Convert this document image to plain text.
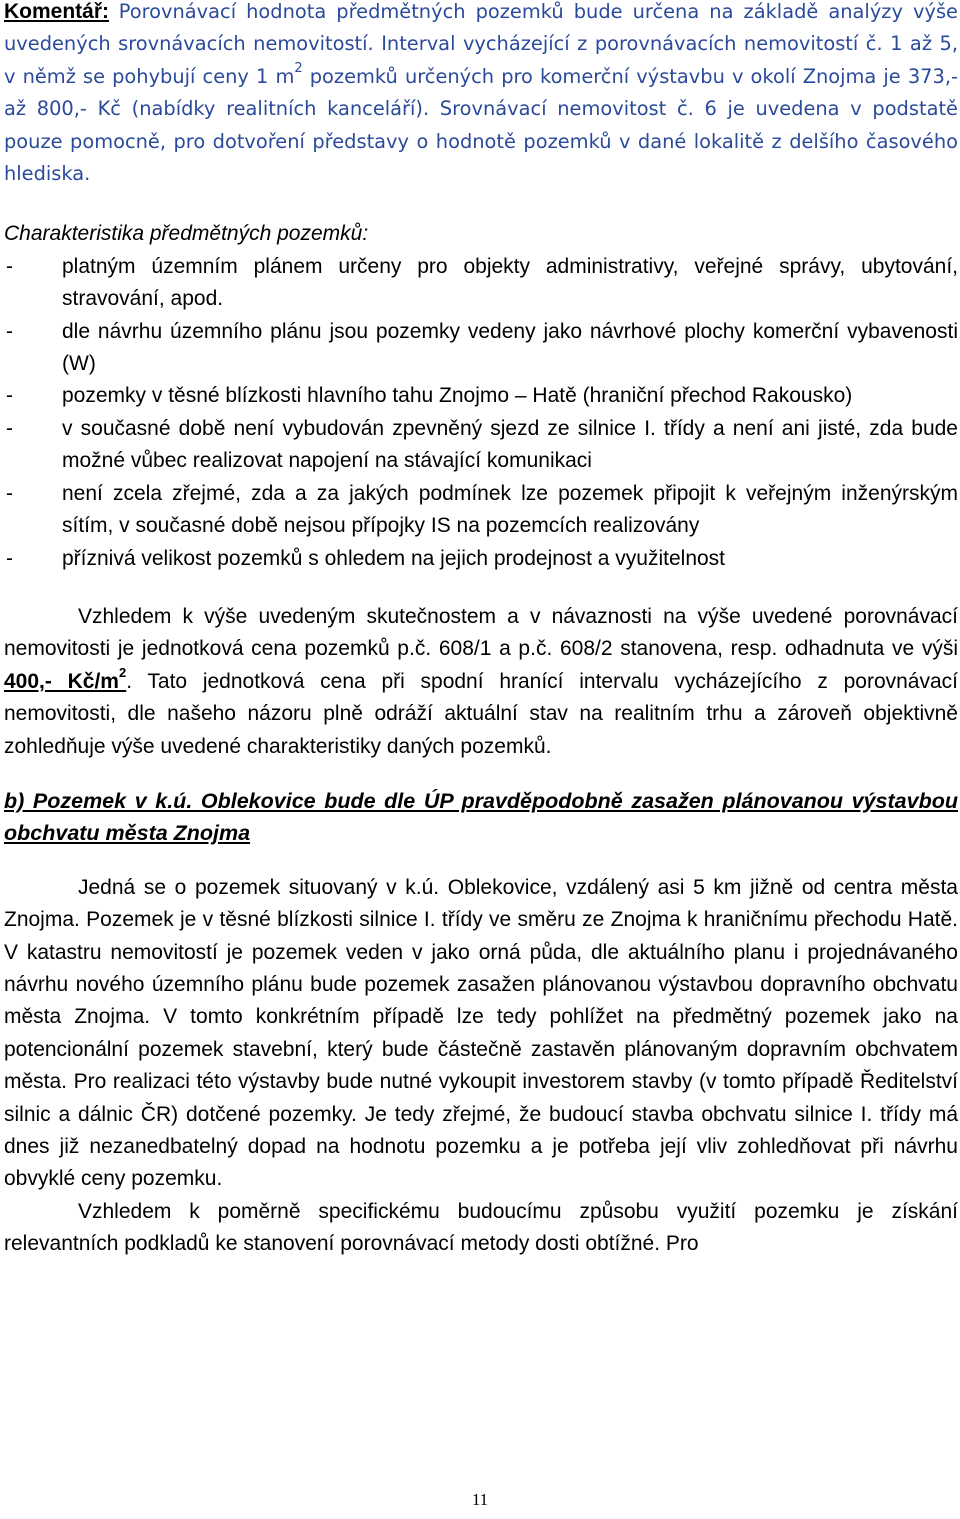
Komentář: Porovnávací hodnota předmětných pozemků bude určena na základě analýzy výše uvedených srovnávacích nemovitostí. Interval vycházející z porovnávacích nemovitostí č. 1 až 5, v němž se pohybují ceny 1 $m^2$ pozemků určených pro komerční výstavbu v okolí Znojma je 373,- až 800,- Kč (nabídky realitních kanceláří). Srovnávací nemovitost č. 6 je uvedena v podstatě pouze pomocně, pro dotvoření představy o hodnotě pozemků v dané lokalitě z delšího časového hlediska.

Charakteristika předmětných pozemků:

- platným územním plánem určeny pro objekty administrativy, veřejné správy, ubytování, stravování, apod.
- dle návrhu územního plánu jsou pozemky vedeny jako návrhové plochy komerční vybavenosti (W)
- pozemky v těsné blízkosti hlavního tahu Znojmo – Hatě (hraniční přechod Rakousko)
- v současné době není vybudován zpevněný sjezd ze silnice I. třídy a není ani jisté, zda bude možné vůbec realizovat napojení na stávající komunikaci
- není zcela zřejmé, zda a za jakých podmínek lze pozemek připojit k veřejným inženýrským sítím, v současné době nejsou přípojky IS na pozemcích realizovány
- příznivá velikost pozemků s ohledem na jejich prodejnost a využitelnost

Vzhledem k výše uvedeným skutečnostem a v návaznosti na výše uvedené porovnávací nemovitosti je jednotková cena pozemků p.č. 608/1 a p.č. 608/2 stanovena, resp. odhadnuta ve výši 400,- $Kč/m^2$. Tato jednotková cena při spodní hranící intervalu vycházejícího z porovnávací nemovitosti, dle našeho názoru plně odráží aktuální stav na realitním trhu a zároveň objektivně zohledňuje výše uvedené charakteristiky daných pozemků.

b) Pozemek v k.ú. Oblekovice bude dle ÚP pravděpodobně zasažen plánovanou výstavbou obchvatu města Znojma

Jedná se o pozemek situovaný v k.ú. Oblekovice, vzdálený asi 5 km jižně od centra města Znojma. Pozemek je v těsné blízkosti silnice I. třídy ve směru ze Znojma k hraničnímu přechodu Hatě. V katastru nemovitostí je pozemek veden v jako orná půda, dle aktuálního planu i projednávaného návrhu nového územního plánu bude pozemek zasažen plánovanou výstavbou dopravního obchvatu města Znojma. V tomto konkrétním případě lze tedy pohlížet na předmětný pozemek jako na potencionální pozemek stavební, který bude částečně zastavěn plánovaným dopravním obchvatem města. Pro realizaci této výstavby bude nutné vykoupit investorem stavby (v tomto případě Ředitelství silnic a dálnic ČR) dotčené pozemky. Je tedy zřejmé, že budoucí stavba obchvatu silnice I. třídy má dnes již nezanedbatelný dopad na hodnotu pozemku a je potřeba její vliv zohledňovat při návrhu obvyklé ceny pozemku.

Vzhledem k poměrně specifickému budoucímu způsobu využití pozemku je získání relevantních podkladů ke stanovení porovnávací metody dosti obtížné. Pro

11
